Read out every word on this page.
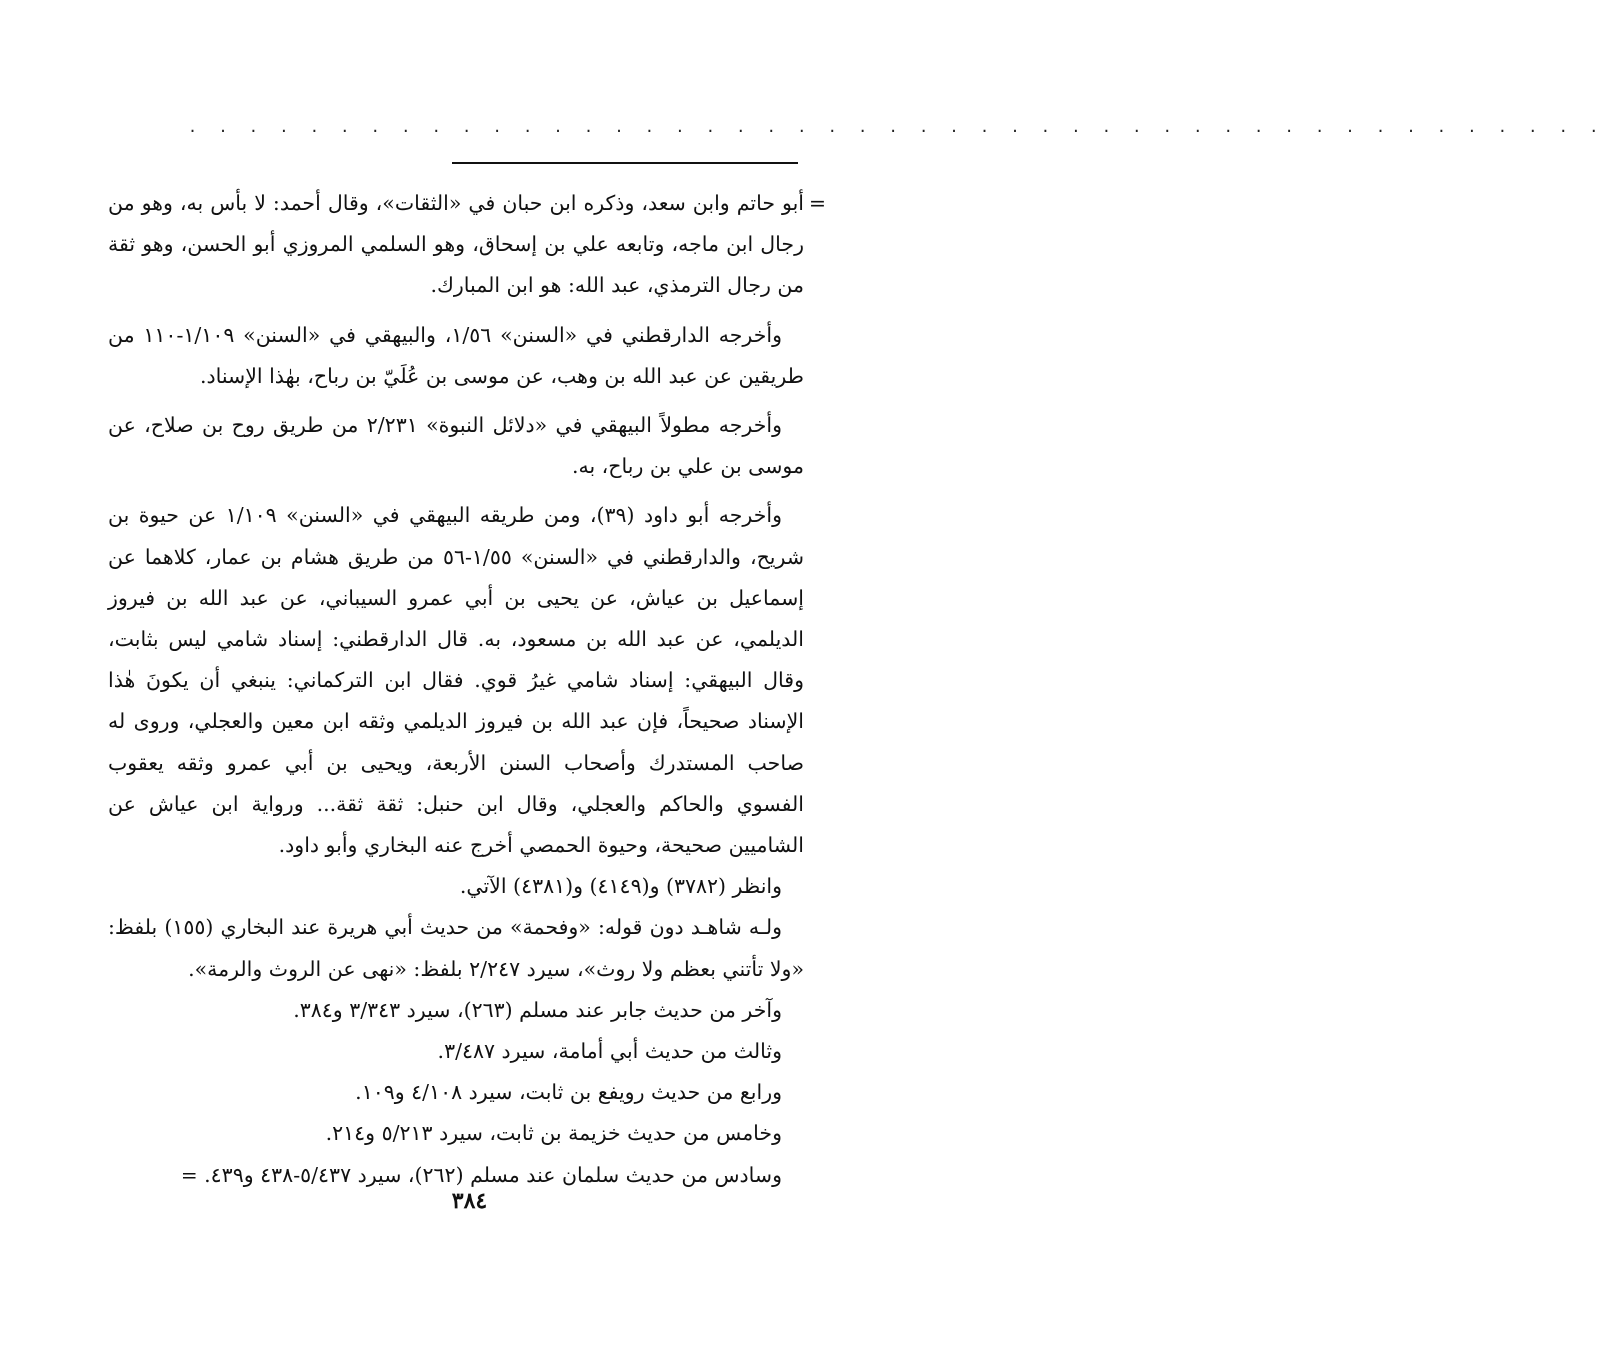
. . . . . . . . . . . . . . . . . . . . . . . . . . . . . . . . . . . . . . . . . . . . . . .

=
أبو حاتم وابن سعد، وذكره ابن حبان في «الثقات»، وقال أحمد: لا بأس به، وهو من رجال ابن ماجه، وتابعه علي بن إسحاق، وهو السلمي المروزي أبو الحسن، وهو ثقة من رجال الترمذي، عبد الله: هو ابن المبارك.

وأخرجه الدارقطني في «السنن» ١/٥٦، والبيهقي في «السنن» ١/١٠٩-١١٠ من طريقين عن عبد الله بن وهب، عن موسى بن عُلَيّ بن رباح، بهٰذا الإسناد.

وأخرجه مطولاً البيهقي في «دلائل النبوة» ٢/٢٣١ من طريق روح بن صلاح، عن موسى بن علي بن رباح، به.

وأخرجه أبو داود (٣٩)، ومن طريقه البيهقي في «السنن» ١/١٠٩ عن حيوة بن شريح، والدارقطني في «السنن» ١/٥٥-٥٦ من طريق هشام بن عمار، كلاهما عن إسماعيل بن عياش، عن يحيى بن أبي عمرو السيباني، عن عبد الله بن فيروز الديلمي، عن عبد الله بن مسعود، به. قال الدارقطني: إسناد شامي ليس بثابت، وقال البيهقي: إسناد شامي غيرُ قوي. فقال ابن التركماني: ينبغي أن يكونَ هٰذا الإسناد صحيحاً، فإن عبد الله بن فيروز الديلمي وثقه ابن معين والعجلي، وروى له صاحب المستدرك وأصحاب السنن الأربعة، ويحيى بن أبي عمرو وثقه يعقوب الفسوي والحاكم والعجلي، وقال ابن حنبل: ثقة ثقة... ورواية ابن عياش عن الشاميين صحيحة، وحيوة الحمصي أخرج عنه البخاري وأبو داود.

وانظر (٣٧٨٢) و(٤١٤٩) و(٤٣٨١) الآتي.

ولـه شاهـد دون قوله: «وفحمة» من حديث أبي هريرة عند البخاري (١٥٥) بلفظ: «ولا تأتني بعظم ولا روث»، سيرد ٢/٢٤٧ بلفظ: «نهى عن الروث والرمة».

وآخر من حديث جابر عند مسلم (٢٦٣)، سيرد ٣/٣٤٣ و٣٨٤.
وثالث من حديث أبي أمامة، سيرد ٣/٤٨٧.
ورابع من حديث رويفع بن ثابت، سيرد ٤/١٠٨ و١٠٩.
وخامس من حديث خزيمة بن ثابت، سيرد ٥/٢١٣ و٢١٤.
وسادس من حديث سلمان عند مسلم (٢٦٢)، سيرد ٥/٤٣٧-٤٣٨ و٤٣٩. =
٣٨٤
